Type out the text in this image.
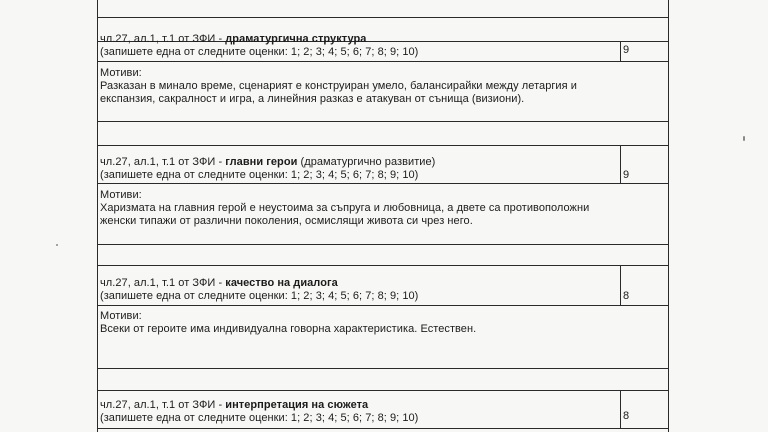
чл.27, ал.1, т.1 от ЗФИ - драматургична структура
(запишете една от следните оценки: 1; 2; 3; 4; 5; 6; 7; 8; 9; 10)	9
Мотиви:
Разказан в минало време, сценарият е конструиран умело, балансирайки между летаргия и
експанзия, сакралност и игра, а линейния разказ е атакуван от сънища (визиони).
чл.27, ал.1, т.1 от ЗФИ - главни герои (драматургично развитие)
(запишете една от следните оценки: 1; 2; 3; 4; 5; 6; 7; 8; 9; 10)	9
Мотиви:
Харизмата на главния герой е неустоима за съпруга и любовница, а двете са противоположни
женски типажи от различни поколения, осмислящи живота си чрез него.
чл.27, ал.1, т.1 от ЗФИ - качество на диалога
(запишете една от следните оценки: 1; 2; 3; 4; 5; 6; 7; 8; 9; 10)	8
Мотиви:
Всеки от героите има индивидуална говорна характеристика. Естествен.
чл.27, ал.1, т.1 от ЗФИ - интерпретация на сюжета
(запишете една от следните оценки: 1; 2; 3; 4; 5; 6; 7; 8; 9; 10)	8
